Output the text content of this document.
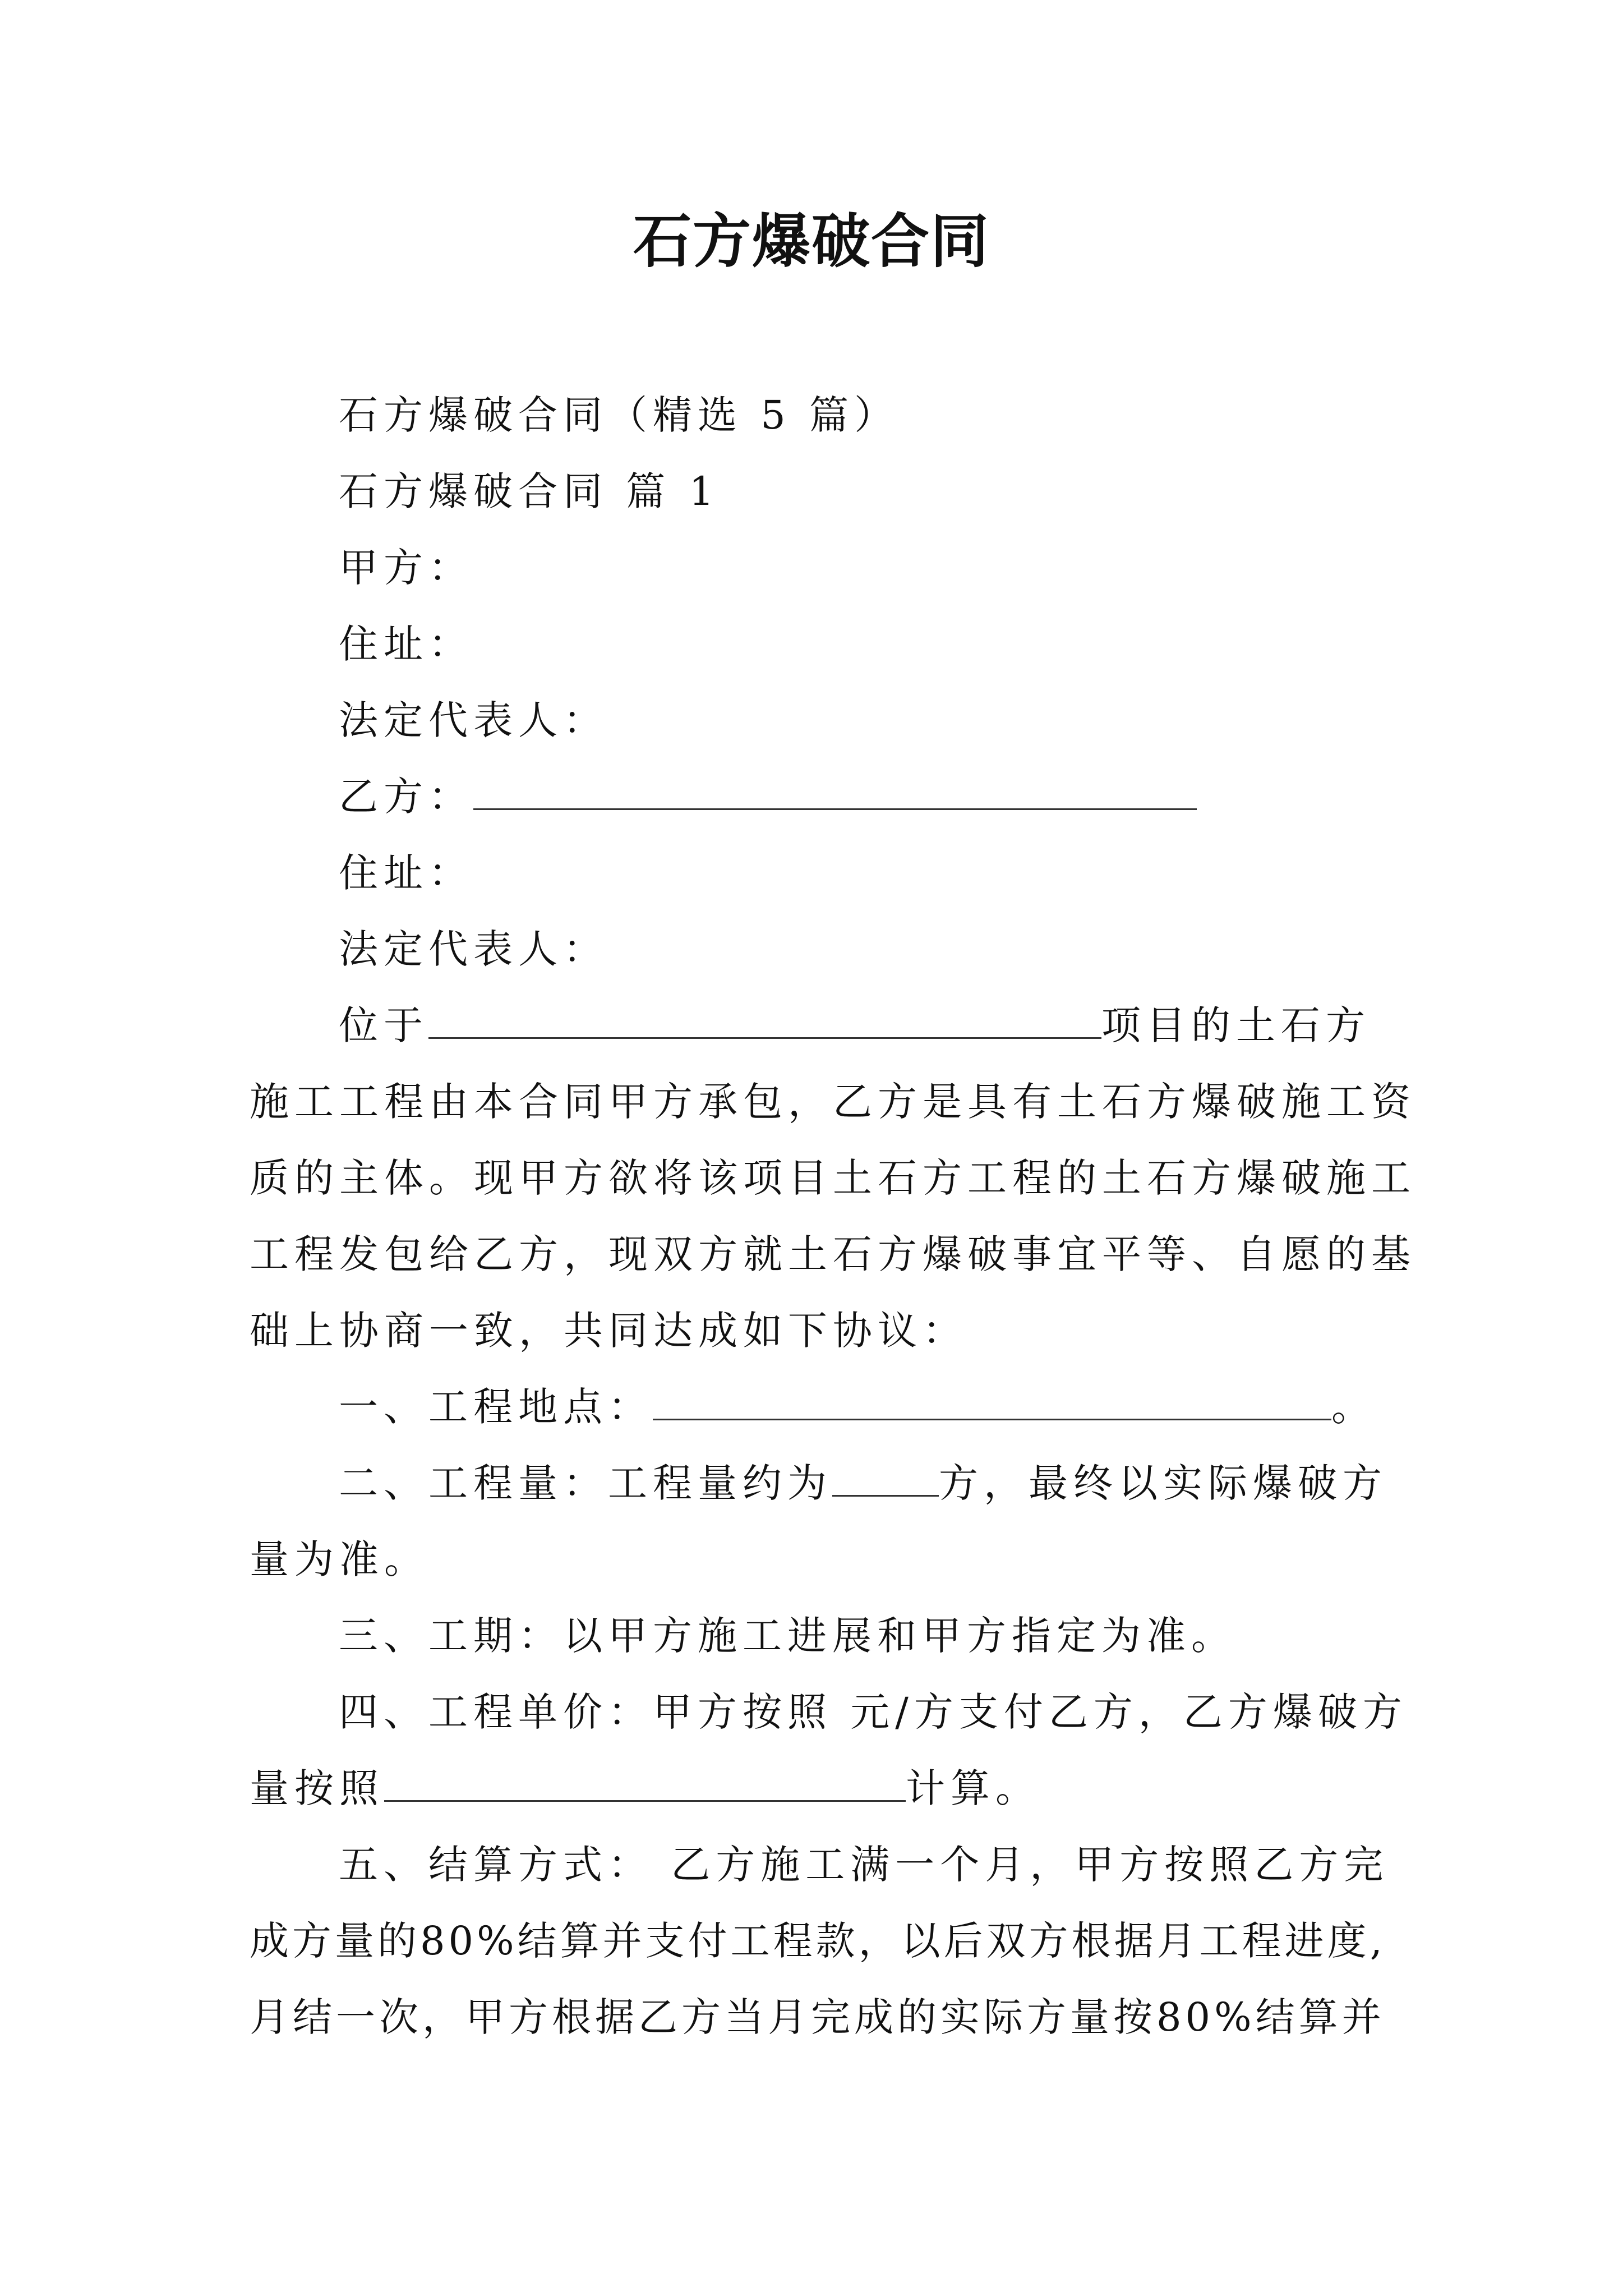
石方爆破合同
石方爆破合同（精选 5 篇）
石方爆破合同 篇 1
甲方：
住址：
法定代表人：
乙方：
住址：
法定代表人：
位于	项目的土石方
施工工程由本合同甲方承包，乙方是具有土石方爆破施工资
质的主体。现甲方欲将该项目土石方工程的土石方爆破施工
工程发包给乙方，现双方就土石方爆破事宜平等、自愿的基
础上协商一致，共同达成如下协议：
一、工程地点：	。
二、工程量：工程量约为	方，最终以实际爆破方
量为准。
三、工期：以甲方施工进展和甲方指定为准。
四、工程单价：甲方按照 元/方支付乙方，乙方爆破方
量按照	计算。
五、结算方式： 乙方施工满一个月，甲方按照乙方完
成方量的80%结算并支付工程款，以后双方根据月工程进度,
月结一次，甲方根据乙方当月完成的实际方量按80%结算并
